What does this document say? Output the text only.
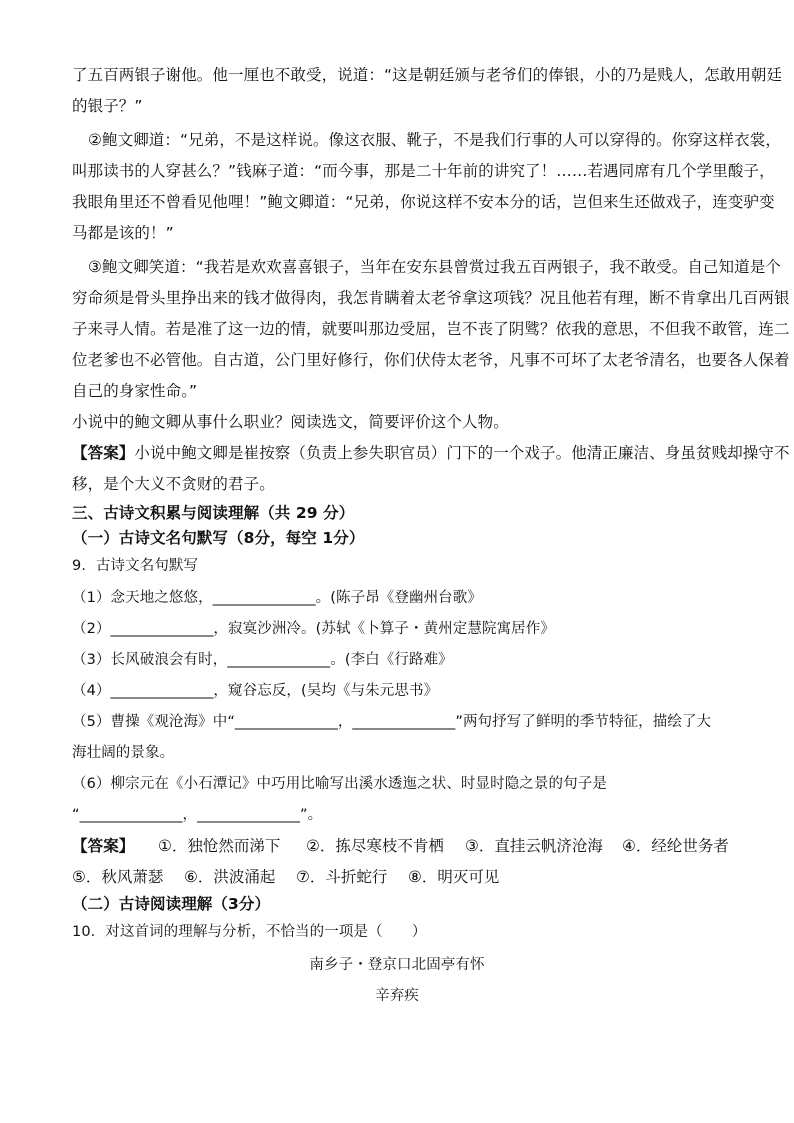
了五百两银子谢他。他一厘也不敢受，说道：“这是朝廷颁与老爷们的俸银，小的乃是贱人，怎敢用朝廷
的银子？”
②鲍文卿道：“兄弟，不是这样说。像这衣服、靴子，不是我们行事的人可以穿得的。你穿这样衣裳，
叫那读书的人穿甚么？”钱麻子道：“而今事，那是二十年前的讲究了！……若遇同席有几个学里酸子，
我眼角里还不曾看见他哩！”鲍文卿道：“兄弟，你说这样不安本分的话，岂但来生还做戏子，连变驴变
马都是该的！”
③鲍文卿笑道：“我若是欢欢喜喜银子，当年在安东县曾赏过我五百两银子，我不敢受。自己知道是个
穷命须是骨头里挣出来的钱才做得肉，我怎肯瞒着太老爷拿这项钱？况且他若有理，断不肯拿出几百两银
子来寻人情。若是准了这一边的情，就要叫那边受屈，岂不丧了阴骘？依我的意思，不但我不敢管，连二
位老爹也不必管他。自古道，公门里好修行，你们伏侍太老爷，凡事不可坏了太老爷清名，也要各人保着
自己的身家性命。”
小说中的鲍文卿从事什么职业？阅读选文，简要评价这个人物。
【答案】小说中鲍文卿是崔按察（负责上参失职官员）门下的一个戏子。他清正廉洁、身虽贫贱却操守不
移，是个大义不贪财的君子。
三、古诗文积累与阅读理解（共 29 分）
（一）古诗文名句默写（8分，每空 1分）
9．古诗文名句默写
（1）念天地之悠悠，______________。(陈子昂《登幽州台歌》
（2）______________，寂寞沙洲冷。(苏轼《卜算子・黄州定慧院寓居作》
（3）长风破浪会有时，______________。(李白《行路难》
（4）______________，窥谷忘反，(吴均《与朱元思书》
（5）曹操《观沧海》中“______________，______________”两句抒写了鲜明的季节特征，描绘了大
海壮阔的景象。
（6）柳宗元在《小石潭记》中巧用比喻写出溪水透迤之状、时显时隐之景的句子是
“______________，______________”。
【答案】 ①．独怆然而涕下 ②．拣尽寒枝不肯栖 ③．直挂云帆济沧海 ④．经纶世务者
⑤．秋风萧瑟 ⑥．洪波涌起 ⑦．斗折蛇行 ⑧．明灭可见
（二）古诗阅读理解（3分）
10．对这首词的理解与分析，不恰当的一项是（　　）
南乡子・登京口北固亭有怀
辛弃疾
